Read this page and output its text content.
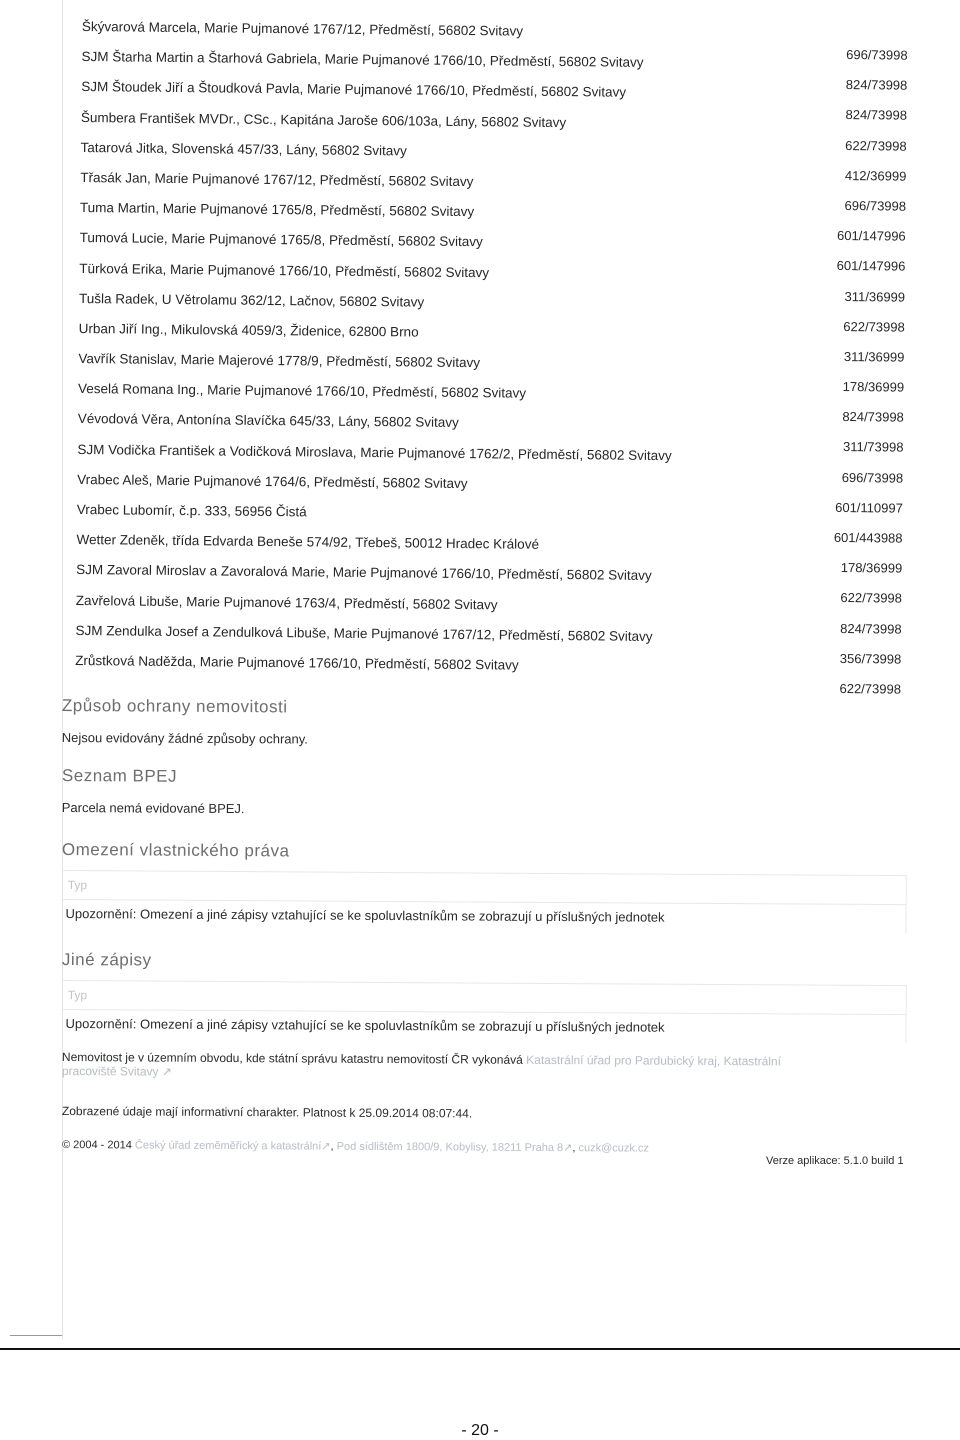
Škývarová Marcela, Marie Pujmanové 1767/12, Předměstí, 56802 Svitavy
696/73998
SJM Štarha Martin a Štarhová Gabriela, Marie Pujmanové 1766/10, Předměstí, 56802 Svitavy
824/73998
SJM Štoudek Jiří a Štoudková Pavla, Marie Pujmanové 1766/10, Předměstí, 56802 Svitavy
824/73998
Šumbera František MVDr., CSc., Kapitána Jaroše 606/103a, Lány, 56802 Svitavy
622/73998
Tatarová Jitka, Slovenská 457/33, Lány, 56802 Svitavy
412/36999
Třasák Jan, Marie Pujmanové 1767/12, Předměstí, 56802 Svitavy
696/73998
Tuma Martin, Marie Pujmanové 1765/8, Předměstí, 56802 Svitavy
601/147996
Tumová Lucie, Marie Pujmanové 1765/8, Předměstí, 56802 Svitavy
601/147996
Türková Erika, Marie Pujmanové 1766/10, Předměstí, 56802 Svitavy
311/36999
Tušla Radek, U Větrolamu 362/12, Lačnov, 56802 Svitavy
622/73998
Urban Jiří Ing., Mikulovská 4059/3, Židenice, 62800 Brno
311/36999
Vavřík Stanislav, Marie Majerové 1778/9, Předměstí, 56802 Svitavy
178/36999
Veselá Romana Ing., Marie Pujmanové 1766/10, Předměstí, 56802 Svitavy
824/73998
Vévodová Věra, Antonína Slavíčka 645/33, Lány, 56802 Svitavy
311/73998
SJM Vodička František a Vodičková Miroslava, Marie Pujmanové 1762/2, Předměstí, 56802 Svitavy
696/73998
Vrabec Aleš, Marie Pujmanové 1764/6, Předměstí, 56802 Svitavy
601/110997
Vrabec Lubomír, č.p. 333, 56956 Čistá
601/443988
Wetter Zdeněk, třída Edvarda Beneše 574/92, Třebeš, 50012 Hradec Králové
178/36999
SJM Zavoral Miroslav a Zavoralová Marie, Marie Pujmanové 1766/10, Předměstí, 56802 Svitavy
622/73998
Zavřelová Libuše, Marie Pujmanové 1763/4, Předměstí, 56802 Svitavy
824/73998
SJM Zendulka Josef a Zendulková Libuše, Marie Pujmanové 1767/12, Předměstí, 56802 Svitavy
356/73998
Zrůstková Naděžda, Marie Pujmanové 1766/10, Předměstí, 56802 Svitavy
622/73998
Způsob ochrany nemovitosti
Nejsou evidovány žádné způsoby ochrany.
Seznam BPEJ
Parcela nemá evidované BPEJ.
Omezení vlastnického práva
Typ
Upozornění: Omezení a jiné zápisy vztahující se ke spoluvlastníkům se zobrazují u příslušných jednotek
Jiné zápisy
Typ
Upozornění: Omezení a jiné zápisy vztahující se ke spoluvlastníkům se zobrazují u příslušných jednotek
Nemovitost je v územním obvodu, kde státní správu katastru nemovitostí ČR vykonává Katastrální úřad pro Pardubický kraj, Katastrální
pracoviště Svitavy ↗
Zobrazené údaje mají informativní charakter. Platnost k 25.09.2014 08:07:44.
© 2004 - 2014 Český úřad zeměměřický a katastrální↗, Pod sídlištěm 1800/9, Kobylisy, 18211 Praha 8↗, cuzk@cuzk.cz
Verze aplikace: 5.1.0 build 1
- 20 -
